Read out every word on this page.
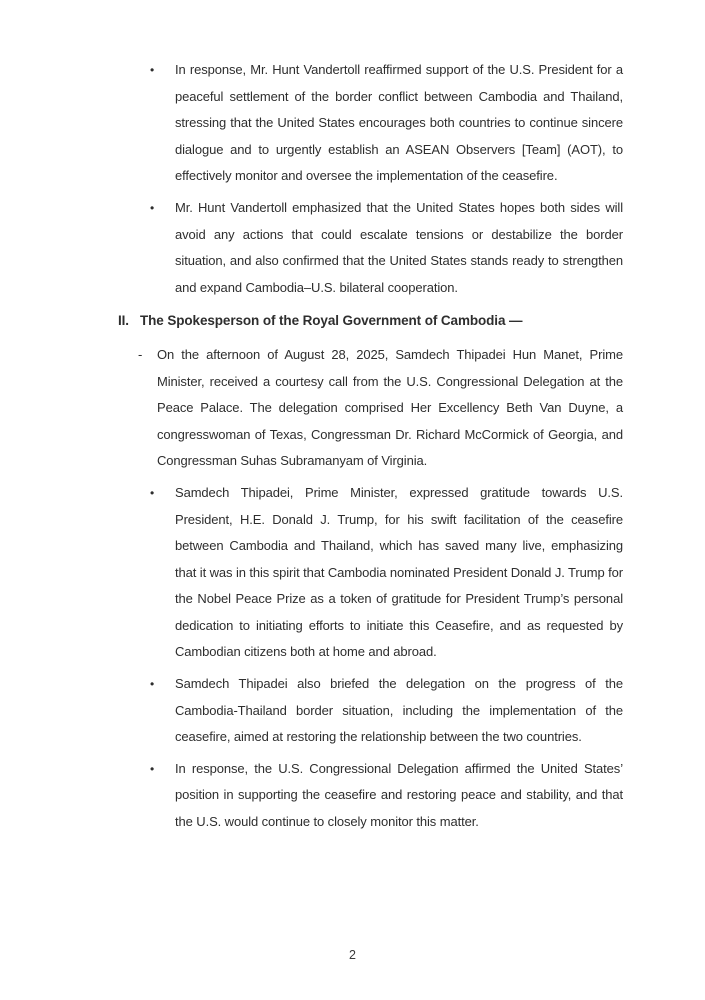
•	In response, Mr. Hunt Vandertoll reaffirmed support of the U.S. President for a peaceful settlement of the border conflict between Cambodia and Thailand, stressing that the United States encourages both countries to continue sincere dialogue and to urgently establish an ASEAN Observers [Team] (AOT), to effectively monitor and oversee the implementation of the ceasefire.
•	Mr. Hunt Vandertoll emphasized that the United States hopes both sides will avoid any actions that could escalate tensions or destabilize the border situation, and also confirmed that the United States stands ready to strengthen and expand Cambodia–U.S. bilateral cooperation.
II. The Spokesperson of the Royal Government of Cambodia —
-	On the afternoon of August 28, 2025, Samdech Thipadei Hun Manet, Prime Minister, received a courtesy call from the U.S. Congressional Delegation at the Peace Palace. The delegation comprised Her Excellency Beth Van Duyne, a congresswoman of Texas, Congressman Dr. Richard McCormick of Georgia, and Congressman Suhas Subramanyam of Virginia.
•	Samdech Thipadei, Prime Minister, expressed gratitude towards U.S. President, H.E. Donald J. Trump, for his swift facilitation of the ceasefire between Cambodia and Thailand, which has saved many live, emphasizing that it was in this spirit that Cambodia nominated President Donald J. Trump for the Nobel Peace Prize as a token of gratitude for President Trump’s personal dedication to initiating efforts to initiate this Ceasefire, and as requested by Cambodian citizens both at home and abroad.
•	Samdech Thipadei also briefed the delegation on the progress of the Cambodia-Thailand border situation, including the implementation of the ceasefire, aimed at restoring the relationship between the two countries.
•	In response, the U.S. Congressional Delegation affirmed the United States’ position in supporting the ceasefire and restoring peace and stability, and that the U.S. would continue to closely monitor this matter.
2
